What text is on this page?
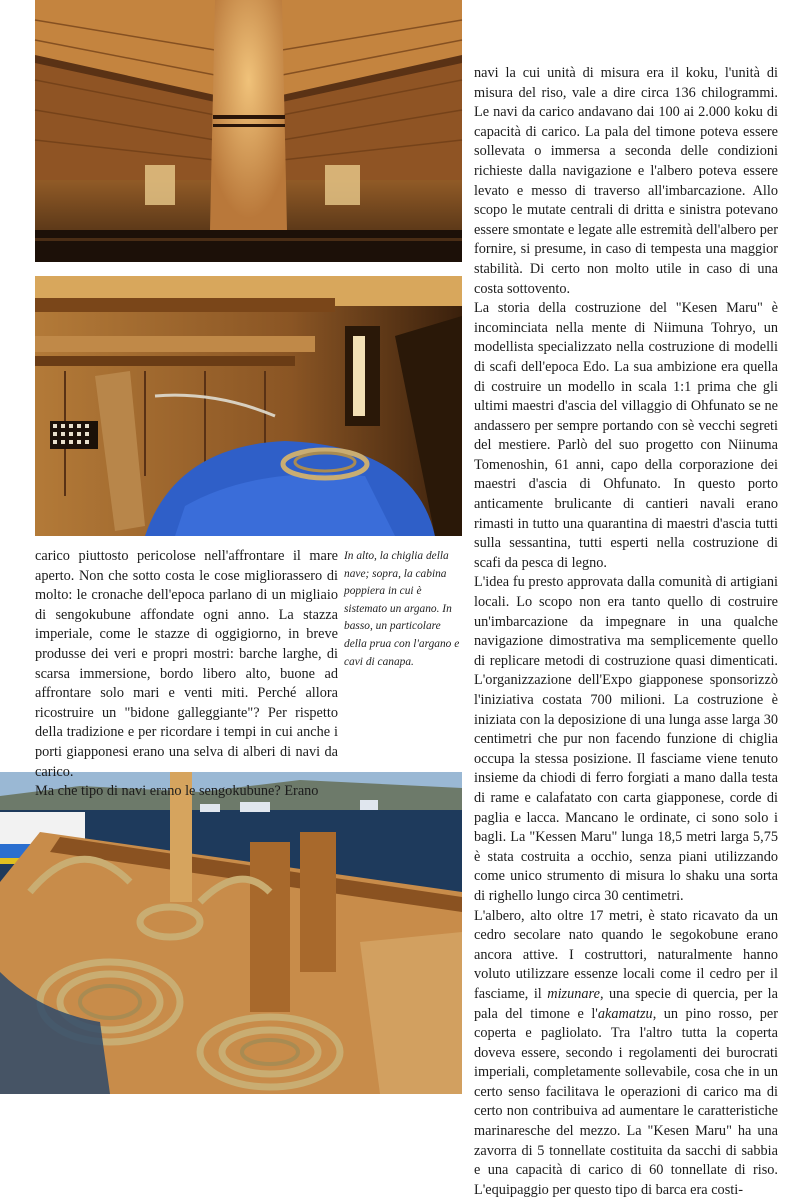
In alto, la chiglia della nave; sopra, la cabina poppiera in cui è sistemato un argano. In basso, un particolare della prua con l'argano e cavi di canapa.

carico piuttosto pericolose nell'affrontare il mare aperto. Non che sotto costa le cose migliorassero di molto: le cronache dell'epoca parlano di un migliaio di sengokubune affondate ogni anno. La stazza imperiale, come le stazze di oggigiorno, in breve produsse dei veri e propri mostri: barche larghe, di scarsa immersione, bordo libero alto, buone ad affrontare solo mari e venti miti. Perché allora ricostruire un "bidone galleggiante"? Per rispetto della tradizione e per ricordare i tempi in cui anche i porti giapponesi erano una selva di alberi di navi da carico.

Ma che tipo di navi erano le sengokubune? Erano

navi la cui unità di misura era il koku, l'unità di misura del riso, vale a dire circa 136 chilogrammi. Le navi da carico andavano dai 100 ai 2.000 koku di capacità di carico. La pala del timone poteva essere sollevata o immersa a seconda delle condizioni richieste dalla navigazione e l'albero poteva essere levato e messo di traverso all'imbarcazione. Allo scopo le mutate centrali di dritta e sinistra potevano essere smontate e legate alle estremità dell'albero per fornire, si presume, in caso di tempesta una maggior stabilità. Di certo non molto utile in caso di una costa sottovento.

La storia della costruzione del "Kesen Maru" è incominciata nella mente di Niimuna Tohryo, un modellista specializzato nella costruzione di modelli di scafi dell'epoca Edo. La sua ambizione era quella di costruire un modello in scala 1:1 prima che gli ultimi maestri d'ascia del villaggio di Ohfunato se ne andassero per sempre portando con sè vecchi segreti del mestiere. Parlò del suo progetto con Niinuma Tomenoshin, 61 anni, capo della corporazione dei maestri d'ascia di Ohfunato. In questo porto anticamente brulicante di cantieri navali erano rimasti in tutto una quarantina di maestri d'ascia tutti sulla sessantina, tutti esperti nella costruzione di scafi da pesca di legno.

L'idea fu presto approvata dalla comunità di artigiani locali. Lo scopo non era tanto quello di costruire un'imbarcazione da impegnare in una qualche navigazione dimostrativa ma semplicemente quello di replicare metodi di costruzione quasi dimenticati. L'organizzazione dell'Expo giapponese sponsorizzò l'iniziativa costata 700 milioni. La costruzione è iniziata con la deposizione di una lunga asse larga 30 centimetri che pur non facendo funzione di chiglia occupa la stessa posizione. Il fasciame viene tenuto insieme da chiodi di ferro forgiati a mano dalla testa di rame e calafatato con carta giapponese, corde di paglia e lacca. Mancano le ordinate, ci sono solo i bagli. La "Kessen Maru" lunga 18,5 metri larga 5,75 è stata costruita a occhio, senza piani utilizzando come unico strumento di misura lo shaku una sorta di righello lungo circa 30 centimetri.

L'albero, alto oltre 17 metri, è stato ricavato da un cedro secolare nato quando le segokobune erano ancora attive. I costruttori, naturalmente hanno voluto utilizzare essenze locali come il cedro per il fasciame, il mizunare, una specie di quercia, per la pala del timone e l'akamatzu, un pino rosso, per coperta e pagliolato. Tra l'altro tutta la coperta doveva essere, secondo i regolamenti dei burocrati imperiali, completamente sollevabile, cosa che in un certo senso facilitava le operazioni di carico ma di certo non contribuiva ad aumentare le caratteristiche marinaresche del mezzo. La "Kesen Maru" ha una zavorra di 5 tonnellate costituita da sacchi di sabbia e una capacità di carico di 60 tonnellate di riso. L'equipaggio per questo tipo di barca era costi-
